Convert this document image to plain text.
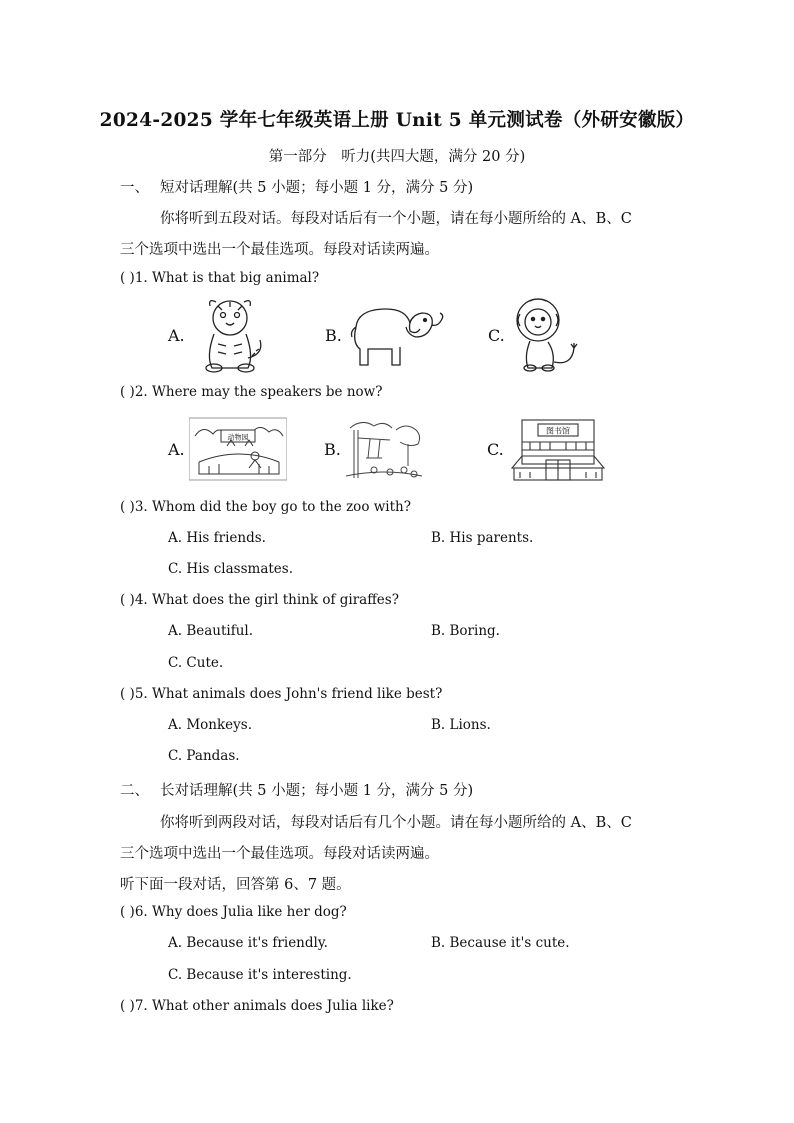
2024-2025 学年七年级英语上册 Unit 5 单元测试卷（外研安徽版）
第一部分　听力(共四大题，满分 20 分)
一、 短对话理解(共 5 小题；每小题 1 分，满分 5 分)
你将听到五段对话。每段对话后有一个小题，请在每小题所给的 A、B、C
三个选项中选出一个最佳选项。每段对话读两遍。
( )1. What is that big animal?
A.	B.	C.
( )2. Where may the speakers be now?
A.
动物园
B.	C.
图书馆
( )3. Whom did the boy go to the zoo with?
A. His friends.	B. His parents.
C. His classmates.
( )4. What does the girl think of giraffes?
A. Beautiful.	B. Boring.
C. Cute.
( )5. What animals does John's friend like best?
A. Monkeys.	B. Lions.
C. Pandas.
二、 长对话理解(共 5 小题；每小题 1 分，满分 5 分)
你将听到两段对话，每段对话后有几个小题。请在每小题所给的 A、B、C
三个选项中选出一个最佳选项。每段对话读两遍。
听下面一段对话，回答第 6、7 题。
( )6. Why does Julia like her dog?
A. Because it's friendly.	B. Because it's cute.
C. Because it's interesting.
( )7. What other animals does Julia like?
